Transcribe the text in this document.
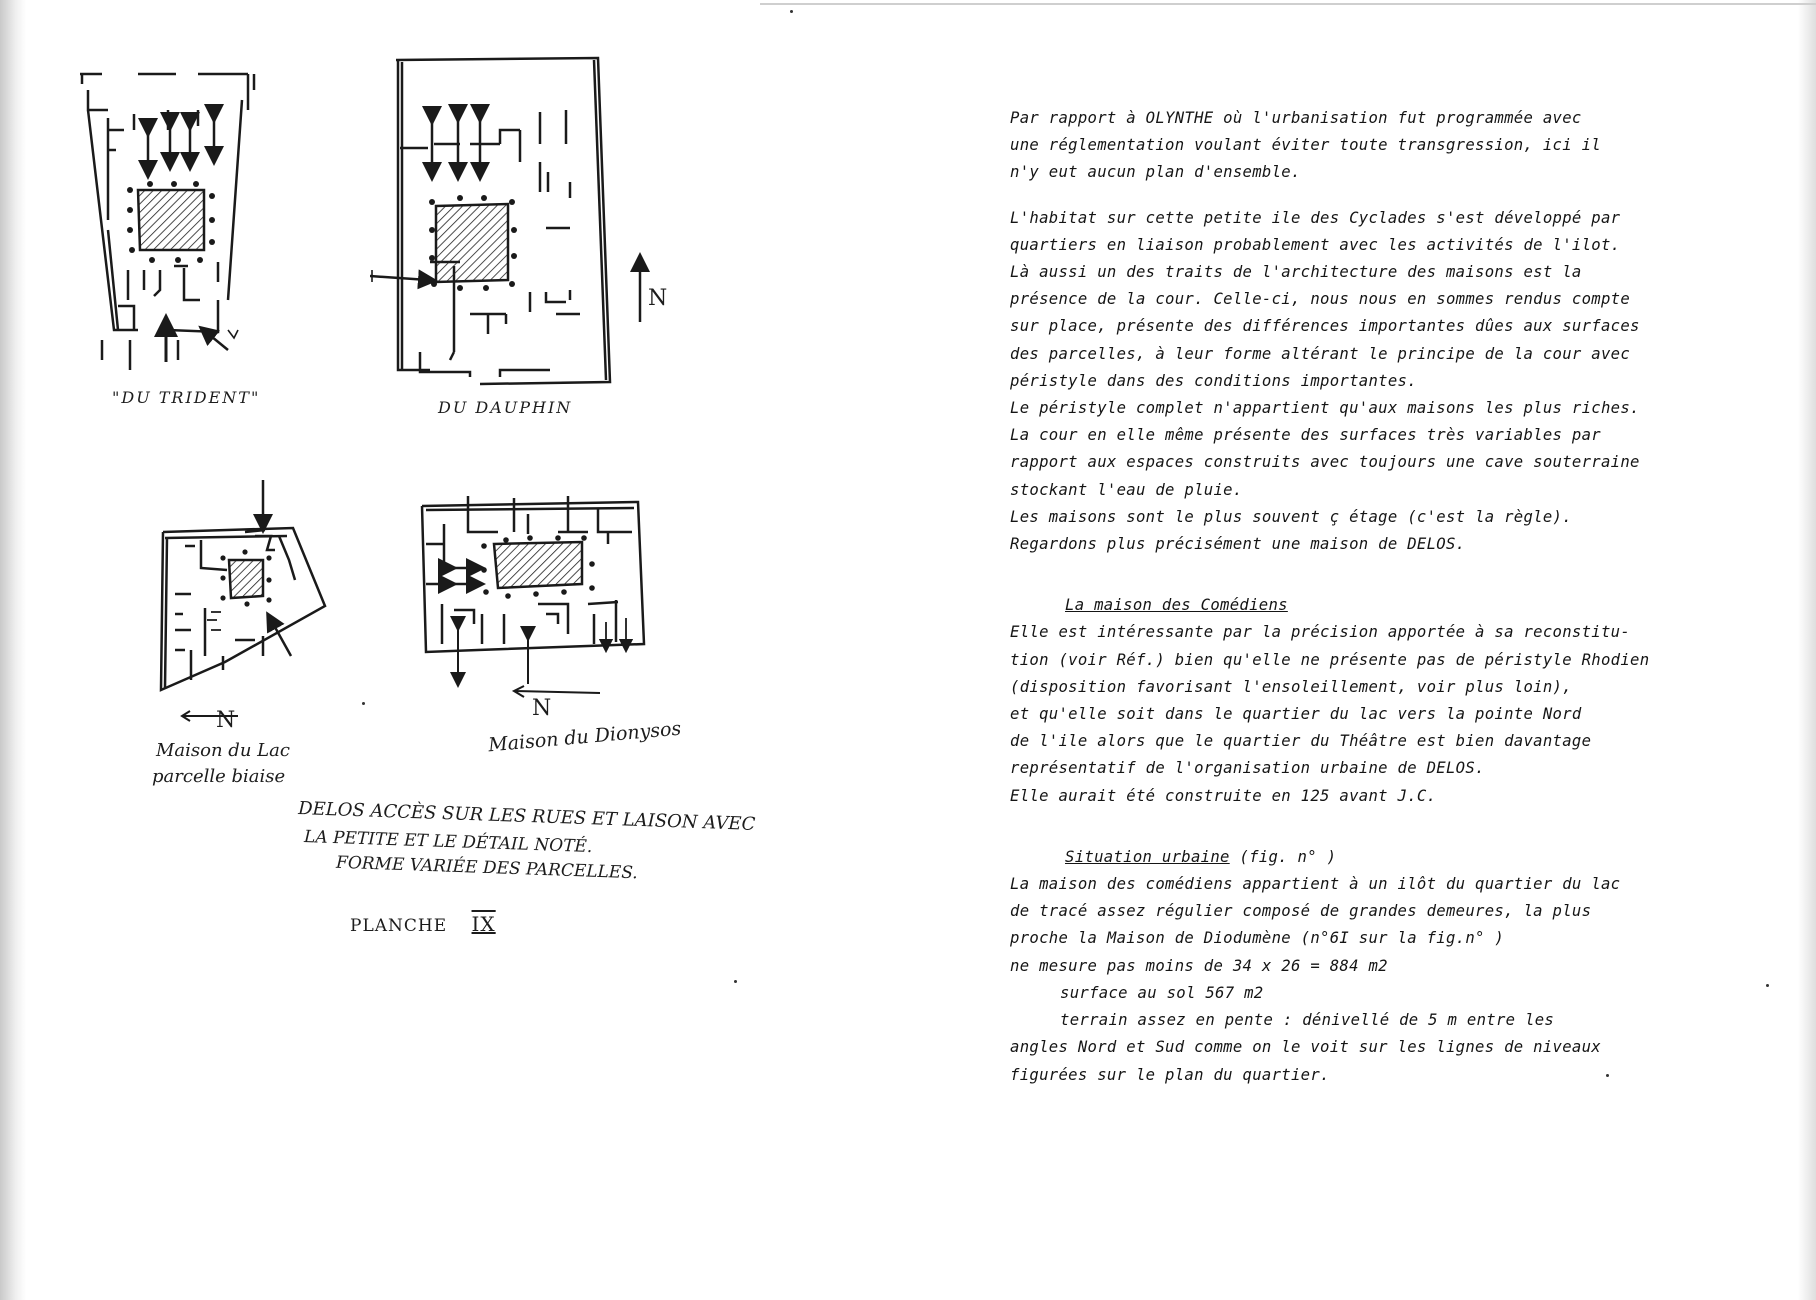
"DU TRIDENT"
N
DU DAUPHIN
N
Maison du Lac
parcelle biaise
N
Maison du Dionysos
DELOS ACCÈS SUR LES RUES ET LAISON AVEC
LA PETITE ET LE DÉTAIL NOTÉ.
FORME VARIÉE DES PARCELLES.
PLANCHE IX

Par rapport à OLYNTHE où l'urbanisation fut programmée avec

une réglementation voulant éviter toute transgression, ici il

n'y eut aucun plan d'ensemble.

L'habitat sur cette petite ile des Cyclades s'est développé par

quartiers en liaison probablement avec les activités de l'ilot.

Là aussi un des traits de l'architecture des maisons est la

présence de la cour. Celle-ci, nous nous en sommes rendus compte

sur place, présente des différences importantes dûes aux surfaces

des parcelles, à leur forme altérant le principe de la cour avec

péristyle dans des conditions importantes.

Le péristyle complet n'appartient qu'aux maisons les plus riches.

La cour en elle même présente des surfaces très variables par

rapport aux espaces construits avec toujours une cave souterraine

stockant l'eau de pluie.

Les maisons sont le plus souvent ç étage (c'est la règle).

Regardons plus précisément une maison de DELOS.

La maison des Comédiens

Elle est intéressante par la précision apportée à sa reconstitu-

tion (voir Réf.) bien qu'elle ne présente pas de péristyle Rhodien

(disposition favorisant l'ensoleillement, voir plus loin),

et qu'elle soit dans le quartier du lac vers la pointe Nord

de l'ile alors que le quartier du Théâtre est bien davantage

représentatif de l'organisation urbaine de DELOS.

Elle aurait été construite en 125 avant J.C.

Situation urbaine (fig. n° )

La maison des comédiens appartient à un ilôt du quartier du lac

de tracé assez régulier composé de grandes demeures, la plus

proche la Maison de Diodumène (n°6I sur la fig.n° )

ne mesure pas moins de 34 x 26 = 884 m2

surface au sol 567 m2

terrain assez en pente : dénivellé de 5 m entre les

angles Nord et Sud comme on le voit sur les lignes de niveaux

figurées sur le plan du quartier.
